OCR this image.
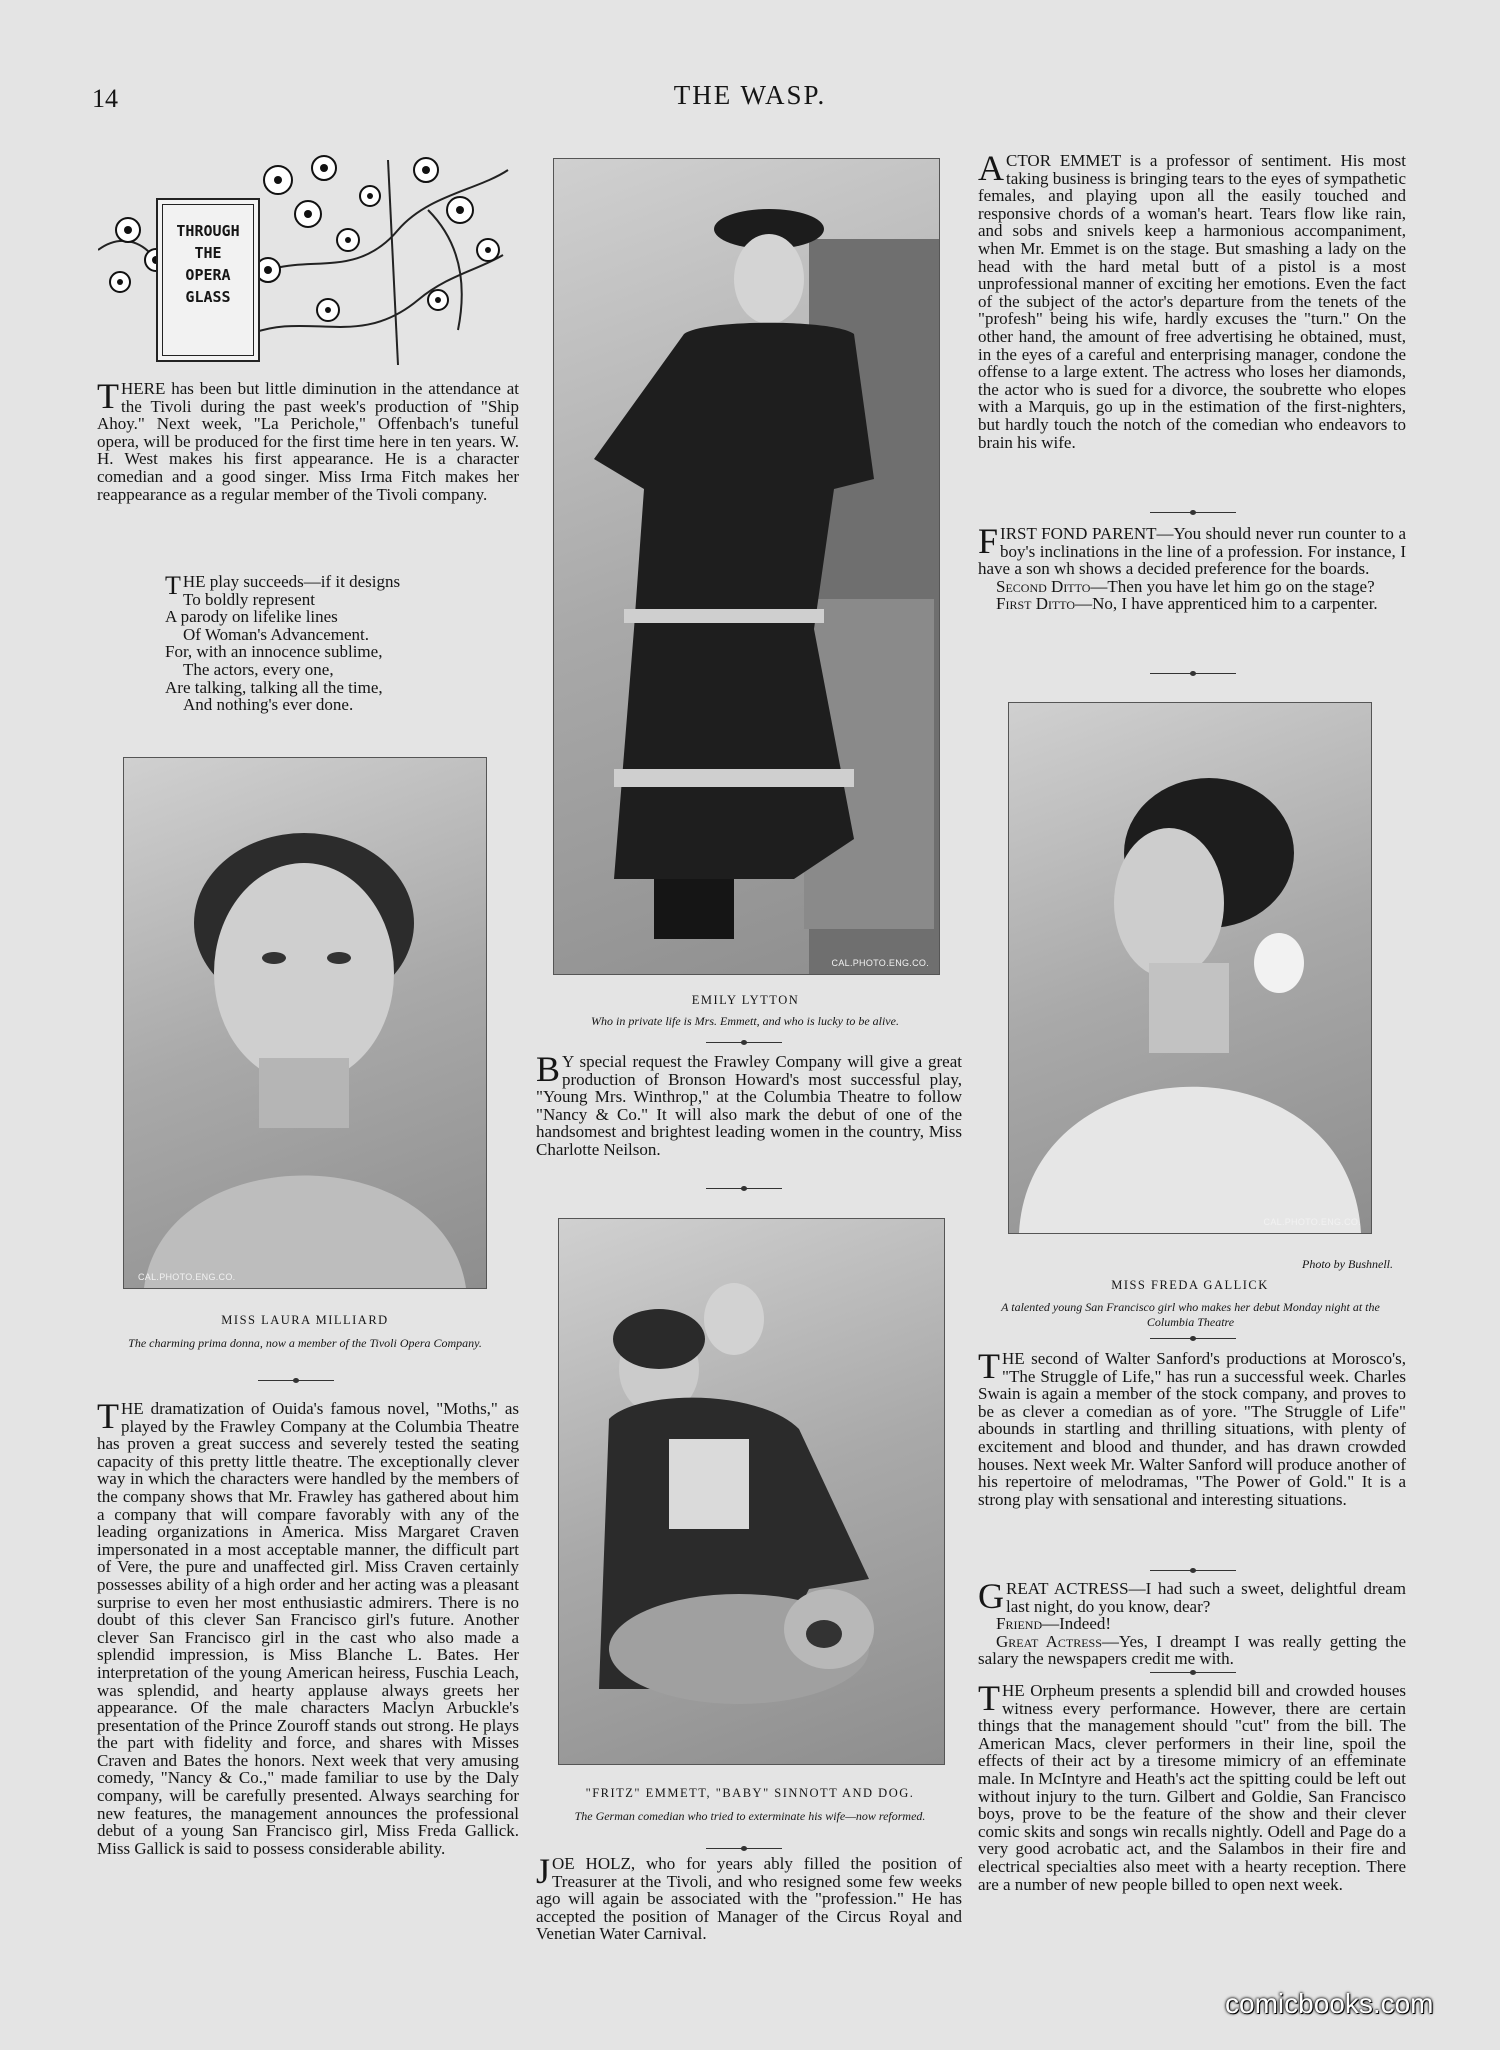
14	THE WASP.
THROUGH
THE
OPERA
GLASS

THERE has been but little diminution in the attendance at the Tivoli during the past week's production of "Ship Ahoy." Next week, "La Perichole," Offenbach's tuneful opera, will be produced for the first time here in ten years. W. H. West makes his first appearance. He is a character comedian and a good singer. Miss Irma Fitch makes her reappearance as a regular member of the Tivoli company.

THE play succeeds—if it designs

To boldly represent

A parody on lifelike lines

Of Woman's Advancement.

For, with an innocence sublime,

The actors, every one,

Are talking, talking all the time,

And nothing's ever done.

CAL.PHOTO.ENG.CO.
MISS LAURA MILLIARD
The charming prima donna, now a member of the Tivoli Opera Company.

THE dramatization of Ouida's famous novel, "Moths," as played by the Frawley Company at the Columbia Theatre has proven a great success and severely tested the seating capacity of this pretty little theatre. The exceptionally clever way in which the characters were handled by the members of the company shows that Mr. Frawley has gathered about him a company that will compare favorably with any of the leading organizations in America. Miss Margaret Craven impersonated in a most acceptable manner, the difficult part of Vere, the pure and unaffected girl. Miss Craven certainly possesses ability of a high order and her acting was a pleasant surprise to even her most enthusiastic admirers. There is no doubt of this clever San Francisco girl's future. Another clever San Francisco girl in the cast who also made a splendid impression, is Miss Blanche L. Bates. Her interpretation of the young American heiress, Fuschia Leach, was splendid, and hearty applause always greets her appearance. Of the male characters Maclyn Arbuckle's presentation of the Prince Zouroff stands out strong. He plays the part with fidelity and force, and shares with Misses Craven and Bates the honors. Next week that very amusing comedy, "Nancy & Co.," made familiar to use by the Daly company, will be carefully presented. Always searching for new features, the management announces the professional debut of a young San Francisco girl, Miss Freda Gallick. Miss Gallick is said to possess considerable ability.

CAL.PHOTO.ENG.CO.
EMILY LYTTON
Who in private life is Mrs. Emmett, and who is lucky to be alive.

B Y special request the Frawley Company will give a great production of Bronson Howard's most successful play, "Young Mrs. Winthrop," at the Columbia Theatre to follow "Nancy & Co." It will also mark the debut of one of the handsomest and brightest leading women in the country, Miss Charlotte Neilson.

"FRITZ" EMMETT, "BABY" SINNOTT AND DOG.
The German comedian who tried to exterminate his wife—now reformed.

JOE HOLZ, who for years ably filled the position of Treasurer at the Tivoli, and who resigned some few weeks ago will again be associated with the "profession." He has accepted the position of Manager of the Circus Royal and Venetian Water Carnival.

ACTOR EMMET is a professor of sentiment. His most taking business is bringing tears to the eyes of sympathetic females, and playing upon all the easily touched and responsive chords of a woman's heart. Tears flow like rain, and sobs and snivels keep a harmonious accompaniment, when Mr. Emmet is on the stage. But smashing a lady on the head with the hard metal butt of a pistol is a most unprofessional manner of exciting her emotions. Even the fact of the subject of the actor's departure from the tenets of the "profesh" being his wife, hardly excuses the "turn." On the other hand, the amount of free advertising he obtained, must, in the eyes of a careful and enterprising manager, condone the offense to a large extent. The actress who loses her diamonds, the actor who is sued for a divorce, the soubrette who elopes with a Marquis, go up in the estimation of the first-nighters, but hardly touch the notch of the comedian who endeavors to brain his wife.

FIRST FOND PARENT—You should never run counter to a boy's inclinations in the line of a profession. For instance, I have a son wh shows a decided preference for the boards.
Second Ditto—Then you have let him go on the stage?
First Ditto—No, I have apprenticed him to a carpenter.

CAL.PHOTO.ENG.CO.
Photo by Bushnell.
MISS FREDA GALLICK
A talented young San Francisco girl who makes her debut Monday night at the Columbia Theatre

THE second of Walter Sanford's productions at Morosco's, "The Struggle of Life," has run a successful week. Charles Swain is again a member of the stock company, and proves to be as clever a comedian as of yore. "The Struggle of Life" abounds in startling and thrilling situations, with plenty of excitement and blood and thunder, and has drawn crowded houses. Next week Mr. Walter Sanford will produce another of his repertoire of melodramas, "The Power of Gold." It is a strong play with sensational and interesting situations.

GREAT ACTRESS—I had such a sweet, delightful dream last night, do you know, dear?
Friend—Indeed!
Great Actress—Yes, I dreampt I was really getting the salary the newspapers credit me with.

THE Orpheum presents a splendid bill and crowded houses witness every performance. However, there are certain things that the management should "cut" from the bill. The American Macs, clever performers in their line, spoil the effects of their act by a tiresome mimicry of an effeminate male. In McIntyre and Heath's act the spitting could be left out without injury to the turn. Gilbert and Goldie, San Francisco boys, prove to be the feature of the show and their clever comic skits and songs win recalls nightly. Odell and Page do a very good acrobatic act, and the Salambos in their fire and electrical specialties also meet with a hearty reception. There are a number of new people billed to open next week.

comicbooks.com
